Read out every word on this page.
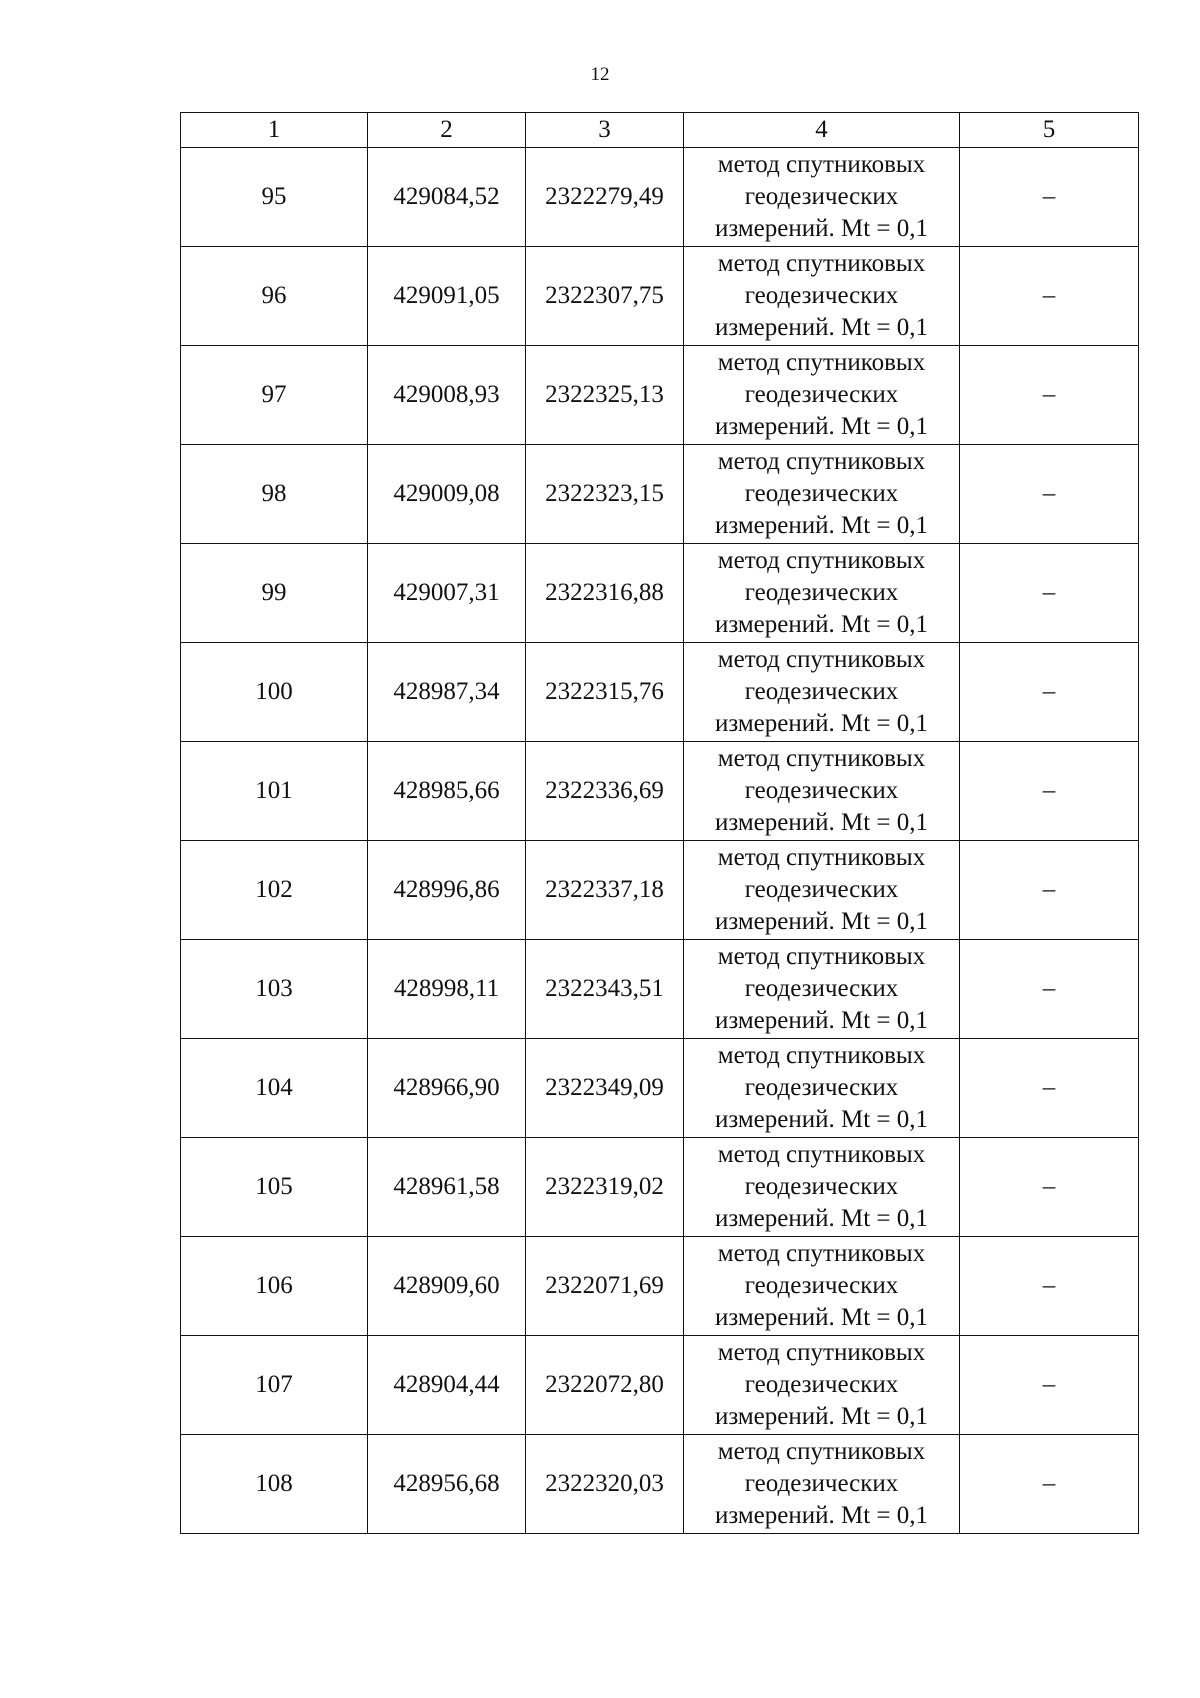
12
1	2	3	4	5
95	429084,52	2322279,49	метод спутниковых
геодезических
измерений. Mt = 0,1	–
96	429091,05	2322307,75	метод спутниковых
геодезических
измерений. Mt = 0,1	–
97	429008,93	2322325,13	метод спутниковых
геодезических
измерений. Mt = 0,1	–
98	429009,08	2322323,15	метод спутниковых
геодезических
измерений. Mt = 0,1	–
99	429007,31	2322316,88	метод спутниковых
геодезических
измерений. Mt = 0,1	–
100	428987,34	2322315,76	метод спутниковых
геодезических
измерений. Mt = 0,1	–
101	428985,66	2322336,69	метод спутниковых
геодезических
измерений. Mt = 0,1	–
102	428996,86	2322337,18	метод спутниковых
геодезических
измерений. Mt = 0,1	–
103	428998,11	2322343,51	метод спутниковых
геодезических
измерений. Mt = 0,1	–
104	428966,90	2322349,09	метод спутниковых
геодезических
измерений. Mt = 0,1	–
105	428961,58	2322319,02	метод спутниковых
геодезических
измерений. Mt = 0,1	–
106	428909,60	2322071,69	метод спутниковых
геодезических
измерений. Mt = 0,1	–
107	428904,44	2322072,80	метод спутниковых
геодезических
измерений. Mt = 0,1	–
108	428956,68	2322320,03	метод спутниковых
геодезических
измерений. Mt = 0,1	–
